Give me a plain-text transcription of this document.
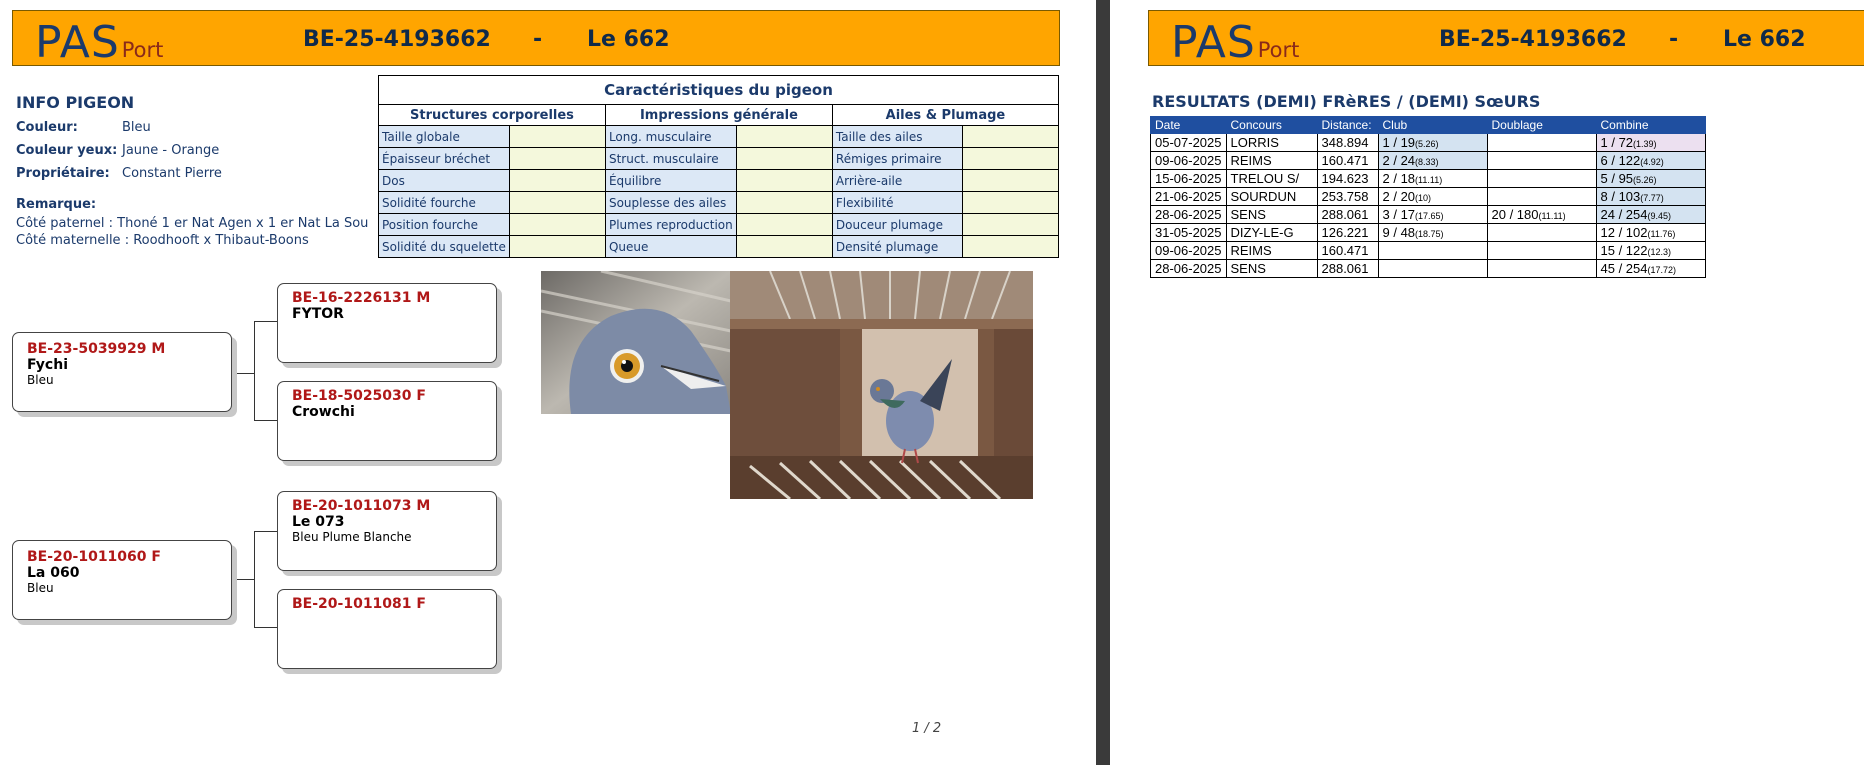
PASPort	BE-25-4193662 - Le 662
INFO PIGEON
Couleur:	Bleu
Couleur yeux: Jaune - Orange
Propriétaire: Constant Pierre
Remarque:
Côté paternel : Thoné 1 er Nat Agen x 1 er Nat La Sou
Côté maternelle : Roodhooft x Thibaut-Boons
Caractéristiques du pigeon					
Structures corporelles		Impressions générale		Ailes & Plumage	
Taille globale		Long. musculaire		Taille des ailes	
Épaisseur bréchet		Struct. musculaire		Rémiges primaire	
Dos		Équilibre		Arrière-aile	
Solidité fourche		Souplesse des ailes		Flexibilité	
Position fourche		Plumes reproduction		Douceur plumage	
Solidité du squelette		Queue		Densité plumage	
BE-23-5039929 M
Fychi
Bleu
BE-20-1011060 F
La 060
Bleu
BE-16-2226131 M
FYTOR
BE-18-5025030 F
Crowchi
BE-20-1011073 M
Le 073
Bleu Plume Blanche
BE-20-1011081 F
1 / 2
PASPort	BE-25-4193662 - Le 662
RESULTATS (DEMI) FRèRES / (DEMI) SœURS
Date	Concours	Distance:	Club	Doublage	Combine
05-07-2025	LORRIS	348.894	1 / 19(5.26)		1 / 72(1.39)
09-06-2025	REIMS	160.471	2 / 24(8.33)		6 / 122(4.92)
15-06-2025	TRELOU S/	194.623	2 / 18(11.11)		5 / 95(5.26)
21-06-2025	SOURDUN	253.758	2 / 20(10)		8 / 103(7.77)
28-06-2025	SENS	288.061	3 / 17(17.65)	20 / 180(11.11)	24 / 254(9.45)
31-05-2025	DIZY-LE-G	126.221	9 / 48(18.75)		12 / 102(11.76)
09-06-2025	REIMS	160.471			15 / 122(12.3)
28-06-2025	SENS	288.061			45 / 254(17.72)
